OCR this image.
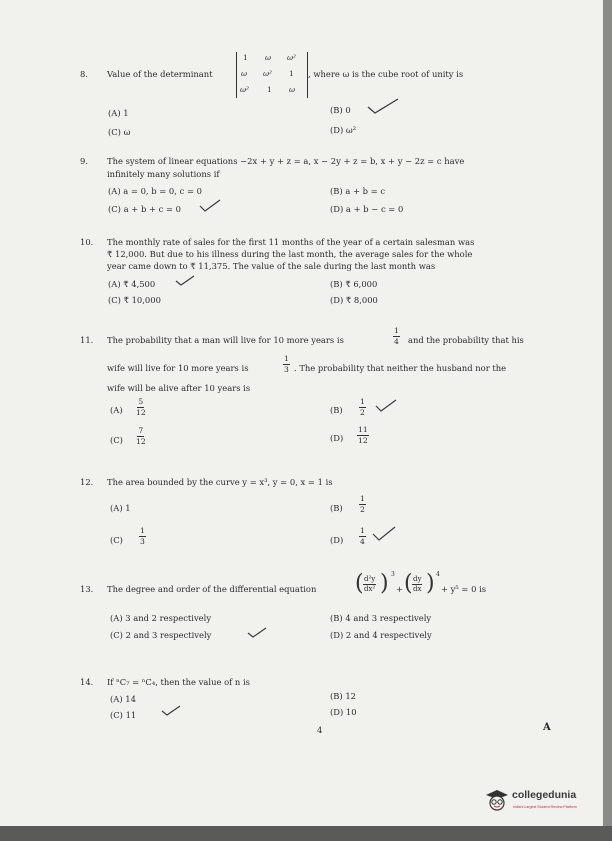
8. Value of the determinant
1 ω ω²
ω ω² 1
ω² 1 ω
, where ω is the cube root of unity is
(A) 1	(B) 0
(C) ω	(D) ω²
9. The system of linear equations −2x + y + z = a, x − 2y + z = b, x + y − 2z = c have
infinitely many solutions if
(A) a = 0, b = 0, c = 0	(B) a + b = c
(C) a + b + c = 0	(D) a + b − c = 0
10. The monthly rate of sales for the first 11 months of the year of a certain salesman was
₹ 12,000. But due to his illness during the last month, the average sales for the whole
year came down to ₹ 11,375. The value of the sale during the last month was
(A) ₹ 4,500	(B) ₹ 6,000
(C) ₹ 10,000	(D) ₹ 8,000
11. The probability that a man will live for 10 more years is	$\frac{1}{4}$ and the probability that his
wife will live for 10 more years is	$\frac{1}{3}$ . The probability that neither the husband nor the
wife will be alive after 10 years is
$(A) \frac{5}{12}$	$(B) \frac{1}{2}$
$(C) \frac{7}{12}$	$(D) \frac{11}{12}$
12. The area bounded by the curve y = x³, y = 0, x = 1 is
(A) 1	$(B) \frac{1}{2}$
$(C) \frac{1}{3}$	$(D) \frac{1}{4}$
13. The degree and order of the differential equation ( $\frac{\text{d²y}}{\text{dx²}}$ ) 3
+ ( $\frac{dy}{dx}$ ) 4
+ y⁵ = 0 is
(A) 3 and 2 respectively	(B) 4 and 3 respectively
(C) 2 and 3 respectively	(D) 2 and 4 respectively
14. If ⁿC₇ = ⁿC₄, then the value of n is
(A) 14	(B) 12
(C) 11	(D) 10
4	A
collegedunia
India's Largest Student Review Platform
